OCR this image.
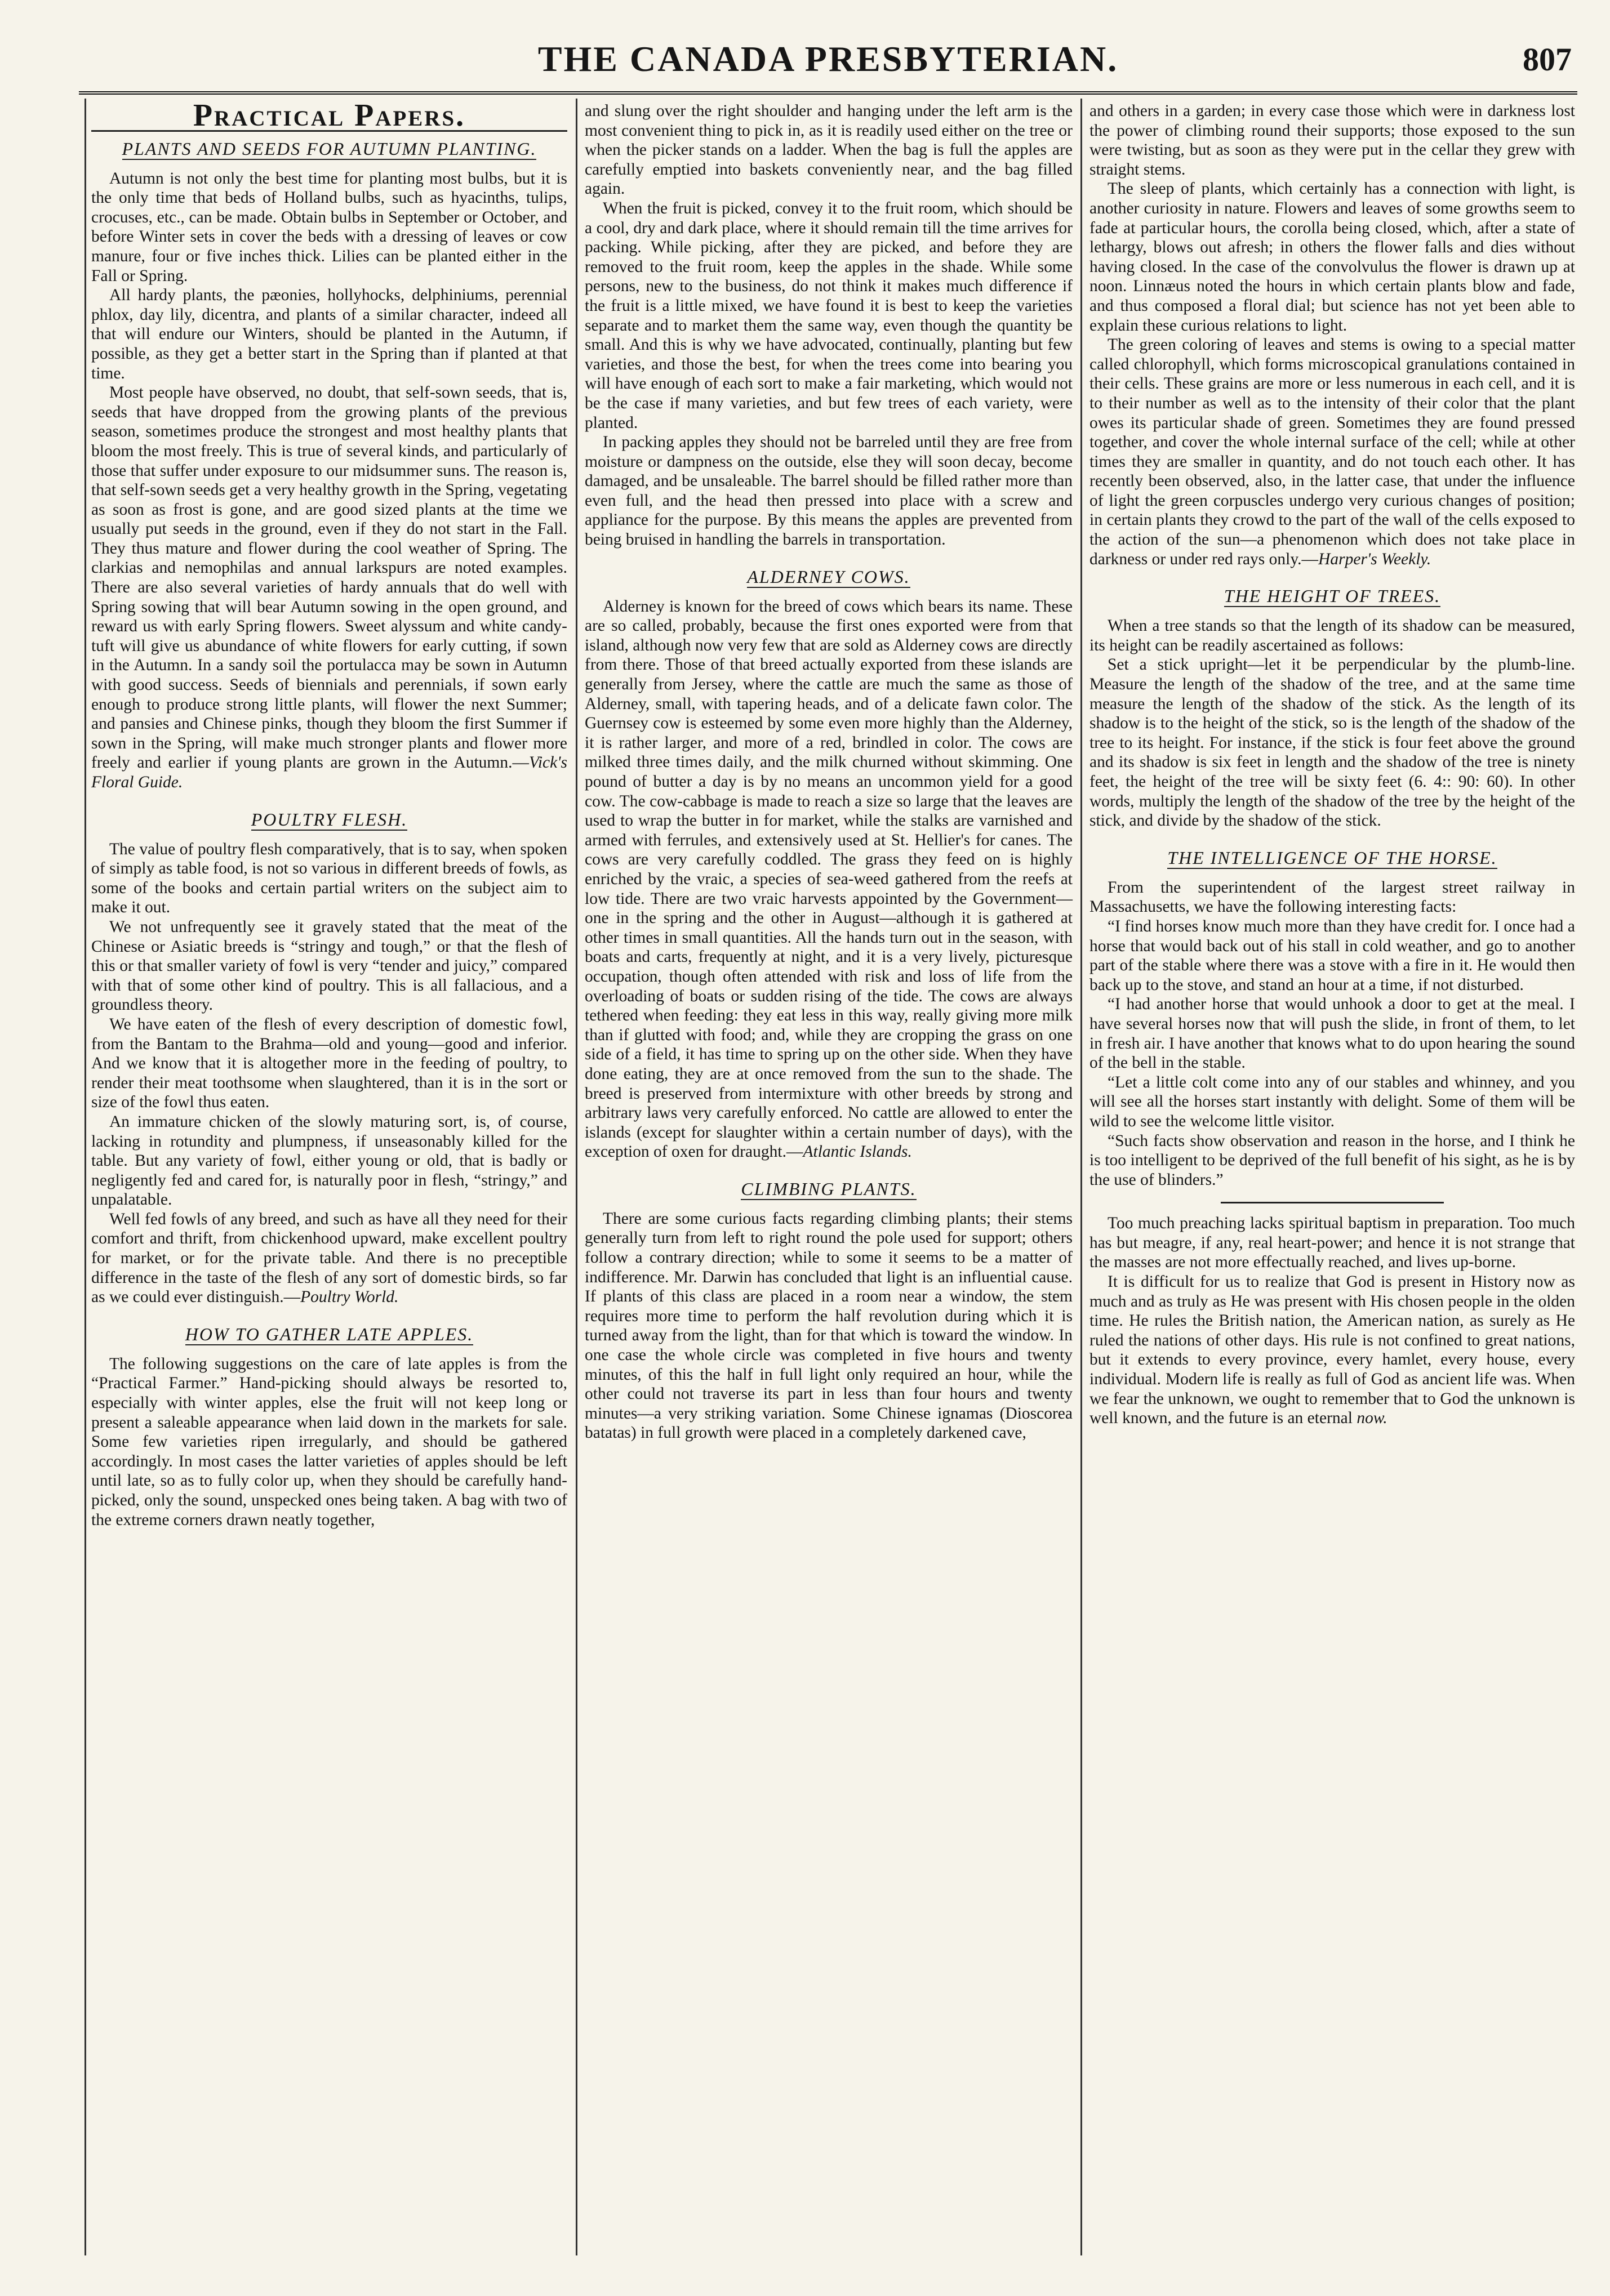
THE CANADA PRESBYTERIAN.	807
Practical Papers.
PLANTS AND SEEDS FOR AUTUMN PLANTING.

Autumn is not only the best time for planting most bulbs, but it is the only time that beds of Holland bulbs, such as hyacinths, tulips, crocuses, etc., can be made. Obtain bulbs in September or October, and before Winter sets in cover the beds with a dressing of leaves or cow manure, four or five inches thick. Lilies can be planted either in the Fall or Spring.

All hardy plants, the pæonies, hollyhocks, delphiniums, perennial phlox, day lily, dicentra, and plants of a similar character, indeed all that will endure our Winters, should be planted in the Autumn, if possible, as they get a better start in the Spring than if planted at that time.

Most people have observed, no doubt, that self-sown seeds, that is, seeds that have dropped from the growing plants of the previous season, sometimes produce the strongest and most healthy plants that bloom the most freely. This is true of several kinds, and particularly of those that suffer under exposure to our midsummer suns. The reason is, that self-sown seeds get a very healthy growth in the Spring, vegetating as soon as frost is gone, and are good sized plants at the time we usually put seeds in the ground, even if they do not start in the Fall. They thus mature and flower during the cool weather of Spring. The clarkias and nemophilas and annual larkspurs are noted examples. There are also several varieties of hardy annuals that do well with Spring sowing that will bear Autumn sowing in the open ground, and reward us with early Spring flowers. Sweet alyssum and white candy-tuft will give us abundance of white flowers for early cutting, if sown in the Autumn. In a sandy soil the portulacca may be sown in Autumn with good success. Seeds of biennials and perennials, if sown early enough to produce strong little plants, will flower the next Summer; and pansies and Chinese pinks, though they bloom the first Summer if sown in the Spring, will make much stronger plants and flower more freely and earlier if young plants are grown in the Autumn.—Vick's Floral Guide.

POULTRY FLESH.

The value of poultry flesh comparatively, that is to say, when spoken of simply as table food, is not so various in different breeds of fowls, as some of the books and certain partial writers on the subject aim to make it out.

We not unfrequently see it gravely stated that the meat of the Chinese or Asiatic breeds is “stringy and tough,” or that the flesh of this or that smaller variety of fowl is very “tender and juicy,” compared with that of some other kind of poultry. This is all fallacious, and a groundless theory.

We have eaten of the flesh of every description of domestic fowl, from the Bantam to the Brahma—old and young—good and inferior. And we know that it is altogether more in the feeding of poultry, to render their meat toothsome when slaughtered, than it is in the sort or size of the fowl thus eaten.

An immature chicken of the slowly maturing sort, is, of course, lacking in rotundity and plumpness, if unseasonably killed for the table. But any variety of fowl, either young or old, that is badly or negligently fed and cared for, is naturally poor in flesh, “stringy,” and unpalatable.

Well fed fowls of any breed, and such as have all they need for their comfort and thrift, from chickenhood upward, make excellent poultry for market, or for the private table. And there is no preceptible difference in the taste of the flesh of any sort of domestic birds, so far as we could ever distinguish.—Poultry World.

HOW TO GATHER LATE APPLES.

The following suggestions on the care of late apples is from the “Practical Farmer.” Hand-picking should always be resorted to, especially with winter apples, else the fruit will not keep long or present a saleable appearance when laid down in the markets for sale. Some few varieties ripen irregularly, and should be gathered accordingly. In most cases the latter varieties of apples should be left until late, so as to fully color up, when they should be carefully hand-picked, only the sound, unspecked ones being taken. A bag with two of the extreme corners drawn neatly together,

and slung over the right shoulder and hanging under the left arm is the most convenient thing to pick in, as it is readily used either on the tree or when the picker stands on a ladder. When the bag is full the apples are carefully emptied into baskets conveniently near, and the bag filled again.

When the fruit is picked, convey it to the fruit room, which should be a cool, dry and dark place, where it should remain till the time arrives for packing. While picking, after they are picked, and before they are removed to the fruit room, keep the apples in the shade. While some persons, new to the business, do not think it makes much difference if the fruit is a little mixed, we have found it is best to keep the varieties separate and to market them the same way, even though the quantity be small. And this is why we have advocated, continually, planting but few varieties, and those the best, for when the trees come into bearing you will have enough of each sort to make a fair marketing, which would not be the case if many varieties, and but few trees of each variety, were planted.

In packing apples they should not be barreled until they are free from moisture or dampness on the outside, else they will soon decay, become damaged, and be unsaleable. The barrel should be filled rather more than even full, and the head then pressed into place with a screw and appliance for the purpose. By this means the apples are prevented from being bruised in handling the barrels in transportation.

ALDERNEY COWS.

Alderney is known for the breed of cows which bears its name. These are so called, probably, because the first ones exported were from that island, although now very few that are sold as Alderney cows are directly from there. Those of that breed actually exported from these islands are generally from Jersey, where the cattle are much the same as those of Alderney, small, with tapering heads, and of a delicate fawn color. The Guernsey cow is esteemed by some even more highly than the Alderney, it is rather larger, and more of a red, brindled in color. The cows are milked three times daily, and the milk churned without skimming. One pound of butter a day is by no means an uncommon yield for a good cow. The cow-cabbage is made to reach a size so large that the leaves are used to wrap the butter in for market, while the stalks are varnished and armed with ferrules, and extensively used at St. Hellier's for canes. The cows are very carefully coddled. The grass they feed on is highly enriched by the vraic, a species of sea-weed gathered from the reefs at low tide. There are two vraic harvests appointed by the Government—one in the spring and the other in August—although it is gathered at other times in small quantities. All the hands turn out in the season, with boats and carts, frequently at night, and it is a very lively, picturesque occupation, though often attended with risk and loss of life from the overloading of boats or sudden rising of the tide. The cows are always tethered when feeding: they eat less in this way, really giving more milk than if glutted with food; and, while they are cropping the grass on one side of a field, it has time to spring up on the other side. When they have done eating, they are at once removed from the sun to the shade. The breed is preserved from intermixture with other breeds by strong and arbitrary laws very carefully enforced. No cattle are allowed to enter the islands (except for slaughter within a certain number of days), with the exception of oxen for draught.—Atlantic Islands.

CLIMBING PLANTS.

There are some curious facts regarding climbing plants; their stems generally turn from left to right round the pole used for support; others follow a contrary direction; while to some it seems to be a matter of indifference. Mr. Darwin has concluded that light is an influential cause. If plants of this class are placed in a room near a window, the stem requires more time to perform the half revolution during which it is turned away from the light, than for that which is toward the window. In one case the whole circle was completed in five hours and twenty minutes, of this the half in full light only required an hour, while the other could not traverse its part in less than four hours and twenty minutes—a very striking variation. Some Chinese ignamas (Dioscorea batatas) in full growth were placed in a completely darkened cave,

and others in a garden; in every case those which were in darkness lost the power of climbing round their supports; those exposed to the sun were twisting, but as soon as they were put in the cellar they grew with straight stems.

The sleep of plants, which certainly has a connection with light, is another curiosity in nature. Flowers and leaves of some growths seem to fade at particular hours, the corolla being closed, which, after a state of lethargy, blows out afresh; in others the flower falls and dies without having closed. In the case of the convolvulus the flower is drawn up at noon. Linnæus noted the hours in which certain plants blow and fade, and thus composed a floral dial; but science has not yet been able to explain these curious relations to light.

The green coloring of leaves and stems is owing to a special matter called chlorophyll, which forms microscopical granulations contained in their cells. These grains are more or less numerous in each cell, and it is to their number as well as to the intensity of their color that the plant owes its particular shade of green. Sometimes they are found pressed together, and cover the whole internal surface of the cell; while at other times they are smaller in quantity, and do not touch each other. It has recently been observed, also, in the latter case, that under the influence of light the green corpuscles undergo very curious changes of position; in certain plants they crowd to the part of the wall of the cells exposed to the action of the sun—a phenomenon which does not take place in darkness or under red rays only.—Harper's Weekly.

THE HEIGHT OF TREES.

When a tree stands so that the length of its shadow can be measured, its height can be readily ascertained as follows:

Set a stick upright—let it be perpendicular by the plumb-line. Measure the length of the shadow of the tree, and at the same time measure the length of the shadow of the stick. As the length of its shadow is to the height of the stick, so is the length of the shadow of the tree to its height. For instance, if the stick is four feet above the ground and its shadow is six feet in length and the shadow of the tree is ninety feet, the height of the tree will be sixty feet (6. 4:: 90: 60). In other words, multiply the length of the shadow of the tree by the height of the stick, and divide by the shadow of the stick.

THE INTELLIGENCE OF THE HORSE.

From the superintendent of the largest street railway in Massachusetts, we have the following interesting facts:

“I find horses know much more than they have credit for. I once had a horse that would back out of his stall in cold weather, and go to another part of the stable where there was a stove with a fire in it. He would then back up to the stove, and stand an hour at a time, if not disturbed.

“I had another horse that would unhook a door to get at the meal. I have several horses now that will push the slide, in front of them, to let in fresh air. I have another that knows what to do upon hearing the sound of the bell in the stable.

“Let a little colt come into any of our stables and whinney, and you will see all the horses start instantly with delight. Some of them will be wild to see the welcome little visitor.

“Such facts show observation and reason in the horse, and I think he is too intelligent to be deprived of the full benefit of his sight, as he is by the use of blinders.”

Too much preaching lacks spiritual baptism in preparation. Too much has but meagre, if any, real heart-power; and hence it is not strange that the masses are not more effectually reached, and lives up-borne.

It is difficult for us to realize that God is present in History now as much and as truly as He was present with His chosen people in the olden time. He rules the British nation, the American nation, as surely as He ruled the nations of other days. His rule is not confined to great nations, but it extends to every province, every hamlet, every house, every individual. Modern life is really as full of God as ancient life was. When we fear the unknown, we ought to remember that to God the unknown is well known, and the future is an eternal now.
